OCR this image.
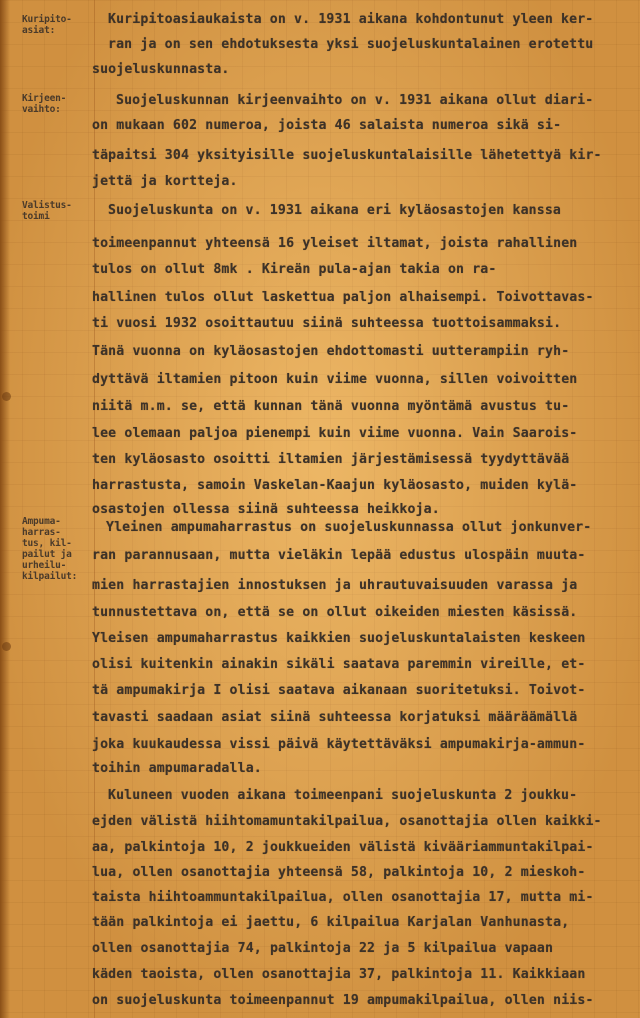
Kuripito-
asiat:
Kuripitoasiaukaista on v. 1931 aikana kohdontunut yleen ker-
ran ja on sen ehdotuksesta yksi suojeluskuntalainen erotettu
suojeluskunnasta.
Kirjeen-
vaihto:
Suojeluskunnan kirjeenvaihto on v. 1931 aikana ollut diari-
on mukaan 602 numeroa, joista 46 salaista numeroa sikä si-
täpaitsi 304 yksityisille suojeluskuntalaisille lähetettyä kir-
jettä ja kortteja.
Valistus-
toimi	Suojeluskunta on v. 1931 aikana eri kyläosastojen kanssa
toimeenpannut yhteensä 16 yleiset iltamat, joista rahallinen
tulos on ollut 8mk . Kireän pula-ajan takia on ra-
hallinen tulos ollut laskettua paljon alhaisempi. Toivottavas-
ti vuosi 1932 osoittautuu siinä suhteessa tuottoisammaksi.
Tänä vuonna on kyläosastojen ehdottomasti uutterampiin ryh-
dyttävä iltamien pitoon kuin viime vuonna, sillen voivoitten
niitä m.m. se, että kunnan tänä vuonna myöntämä avustus tu-
lee olemaan paljoa pienempi kuin viime vuonna. Vain Saarois-
ten kyläosasto osoitti iltamien järjestämisessä tyydyttävää
harrastusta, samoin Vaskelan-Kaajun kyläosasto, muiden kylä-
osastojen ollessa siinä suhteessa heikkoja.
Ampuma-
harras-
tus, kil-
pailut ja
urheilu-
kilpailut:
Yleinen ampumaharrastus on suojeluskunnassa ollut jonkunver-
ran parannusaan, mutta vieläkin lepää edustus ulospäin muuta-
mien harrastajien innostuksen ja uhrautuvaisuuden varassa ja
tunnustettava on, että se on ollut oikeiden miesten käsissä.
Yleisen ampumaharrastus kaikkien suojeluskuntalaisten keskeen
olisi kuitenkin ainakin sikäli saatava paremmin vireille, et-
tä ampumakirja I olisi saatava aikanaan suoritetuksi. Toivot-
tavasti saadaan asiat siinä suhteessa korjatuksi määräämällä
joka kuukaudessa vissi päivä käytettäväksi ampumakirja-ammun-
toihin ampumaradalla.
Kuluneen vuoden aikana toimeenpani suojeluskunta 2 joukku-
ejden välistä hiihtomamuntakilpailua, osanottajia ollen kaikki-
aa, palkintoja 10, 2 joukkueiden välistä kivääriammuntakilpai-
lua, ollen osanottajia yhteensä 58, palkintoja 10, 2 mieskoh-
taista hiihtoammuntakilpailua, ollen osanottajia 17, mutta mi-
tään palkintoja ei jaettu, 6 kilpailua Karjalan Vanhunasta,
ollen osanottajia 74, palkintoja 22 ja 5 kilpailua vapaan
käden taoista, ollen osanottajia 37, palkintoja 11. Kaikkiaan
on suojeluskunta toimeenpannut 19 ampumakilpailua, ollen niis-
